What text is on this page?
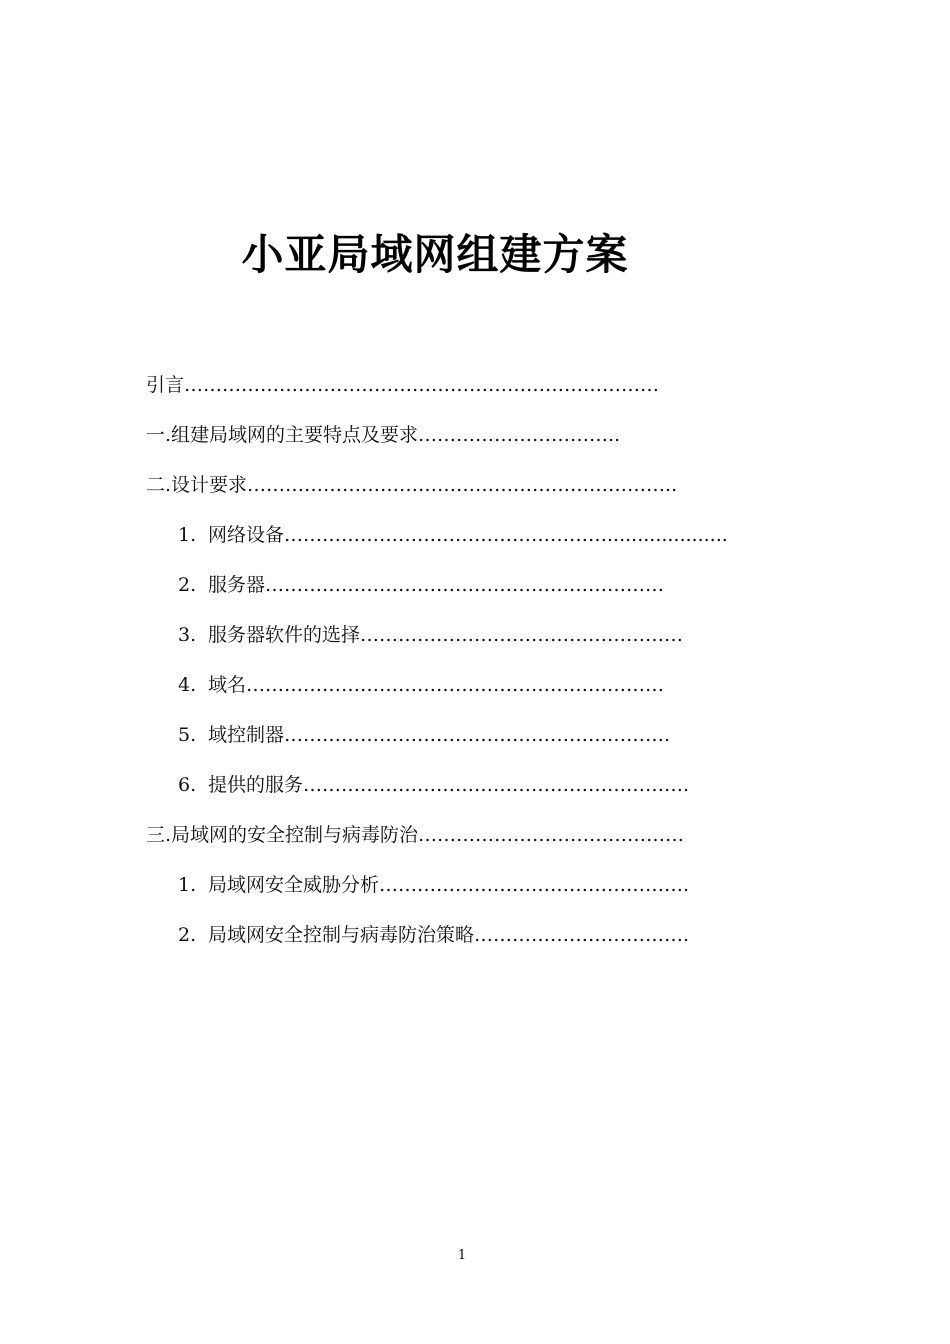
小亚局域网组建方案
引言…………………………………………………………………
一.组建局域网的主要特点及要求…………………………..
二.设计要求…………………………………………………………..
1. 网络设备……………………………………………....................
2. 服务器………………………………………………………
3. 服务器软件的选择……………………………………………
4. 域名…………………………………………………………
5. 域控制器…………………………………………………….
6. 提供的服务…………………………………………………….
三.局域网的安全控制与病毒防治……………………………………
1. 局域网安全威胁分析………………………………………….
2. 局域网安全控制与病毒防治策略…………………………….
1
